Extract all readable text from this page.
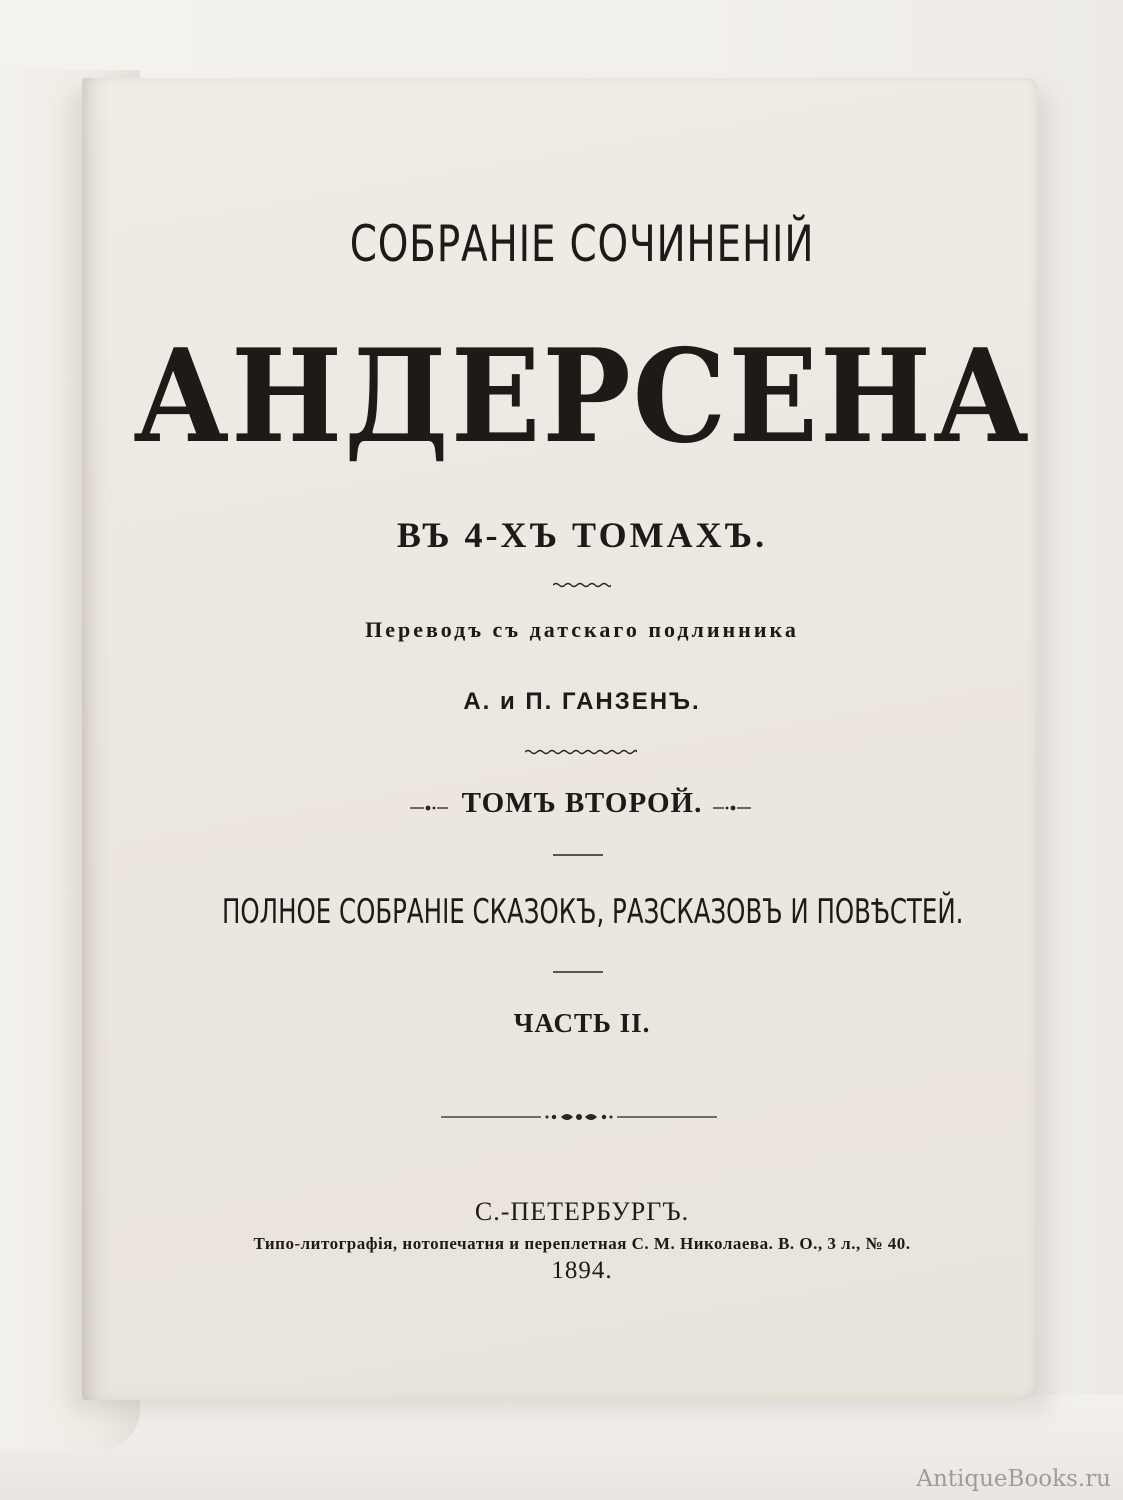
СОБРАНІЕ СОЧИНЕНІЙ
АНДЕРСЕНА
ВЪ 4-ХЪ ТОМАХЪ.
Переводъ съ датскаго подлинника
А. и П. ГАНЗЕНЪ.
ТОМЪ ВТОРОЙ.
ПОЛНОЕ СОБРАНІЕ СКАЗОКЪ, РАЗСКАЗОВЪ И ПОВѢСТЕЙ.
ЧАСТЬ II.
С.-ПЕТЕРБУРГЪ.
Типо-литографія, нотопечатня и переплетная С. М. Николаева. В. О., 3 л., № 40.
1894.
AntiqueBooks.ru
